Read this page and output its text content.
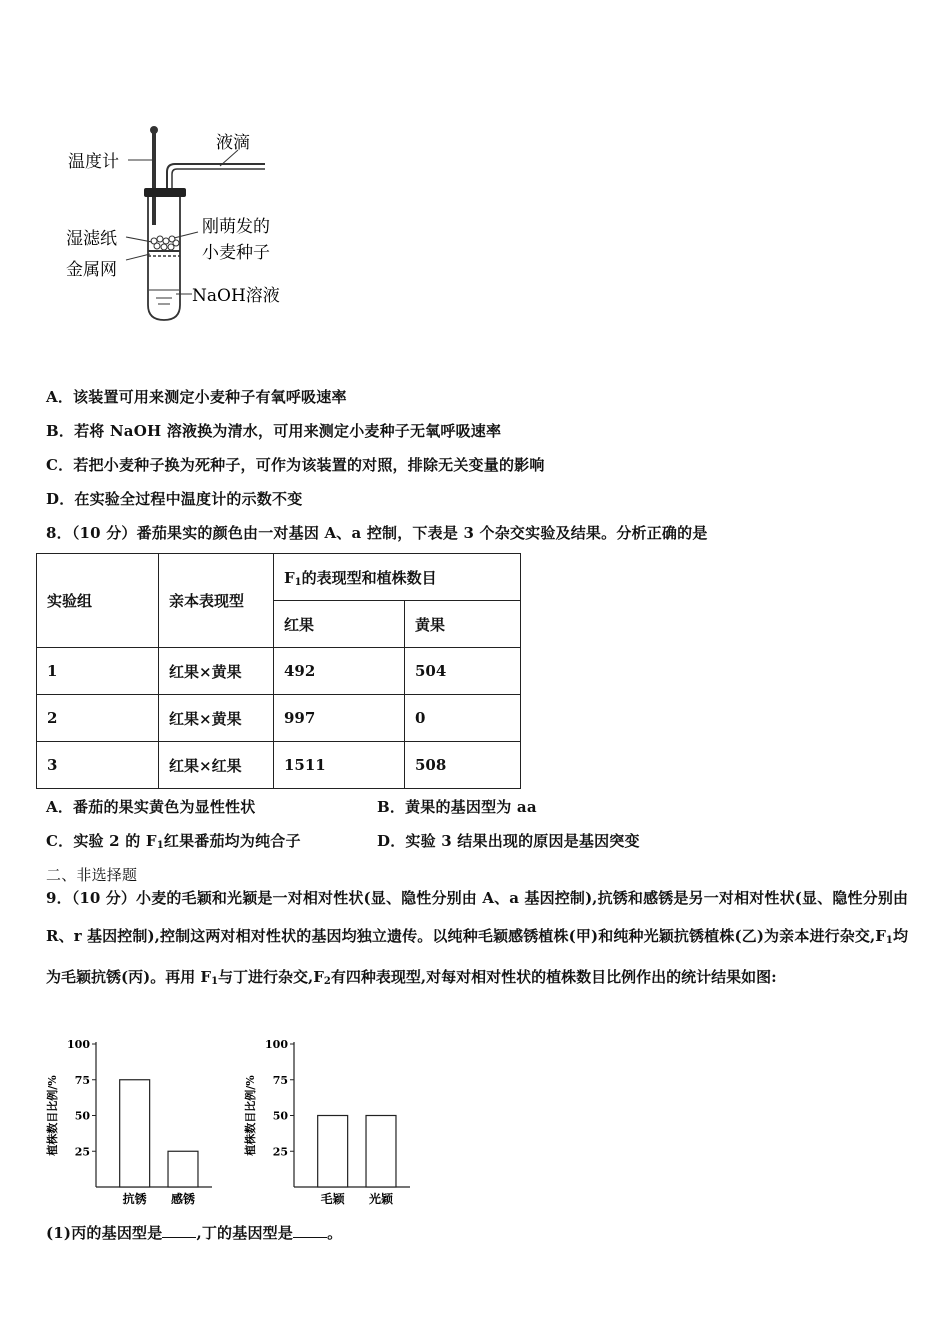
温度计
液滴
湿滤纸
金属网
刚萌发的
小麦种子
NaOH溶液
A．该装置可用来测定小麦种子有氧呼吸速率
B．若将 NaOH 溶液换为清水，可用来测定小麦种子无氧呼吸速率
C．若把小麦种子换为死种子，可作为该装置的对照，排除无关变量的影响
D．在实验全过程中温度计的示数不变
8．（10 分）番茄果实的颜色由一对基因 A、a 控制，下表是 3 个杂交实验及结果。分析正确的是
实验组	亲本表现型	$F_1$的表现型和植株数目	
		红果	黄果
1	红果×黄果	492	504
2	红果×黄果	997	0
3	红果×红果	1511	508
A．番茄的果实黄色为显性性状	B．黄果的基因型为 aa
C．实验 2 的 $F_1$红果番茄均为纯合子	D．实验 3 结果出现的原因是基因突变
二、非选择题
9．（10 分）小麦的毛颖和光颖是一对相对性状(显、隐性分别由 A、a 基因控制),抗锈和感锈是另一对相对性状(显、隐性分别由 R、r 基因控制),控制这两对相对性状的基因均独立遗传。以纯种毛颖感锈植株(甲)和纯种光颖抗锈植株(乙)为亲本进行杂交$,F_1$均为毛颖抗锈(丙)。再用 $F_1$与丁进行杂交$,F_2$有四种表现型,对每对相对性状的植株数目比例作出的统计结果如图:
植株数目比例/% 25
50
75
100
抗锈 感锈
植株数目比例/% 25
50
75
100
毛颖 光颖
(1)丙的基因型是 ,丁的基因型是 。
